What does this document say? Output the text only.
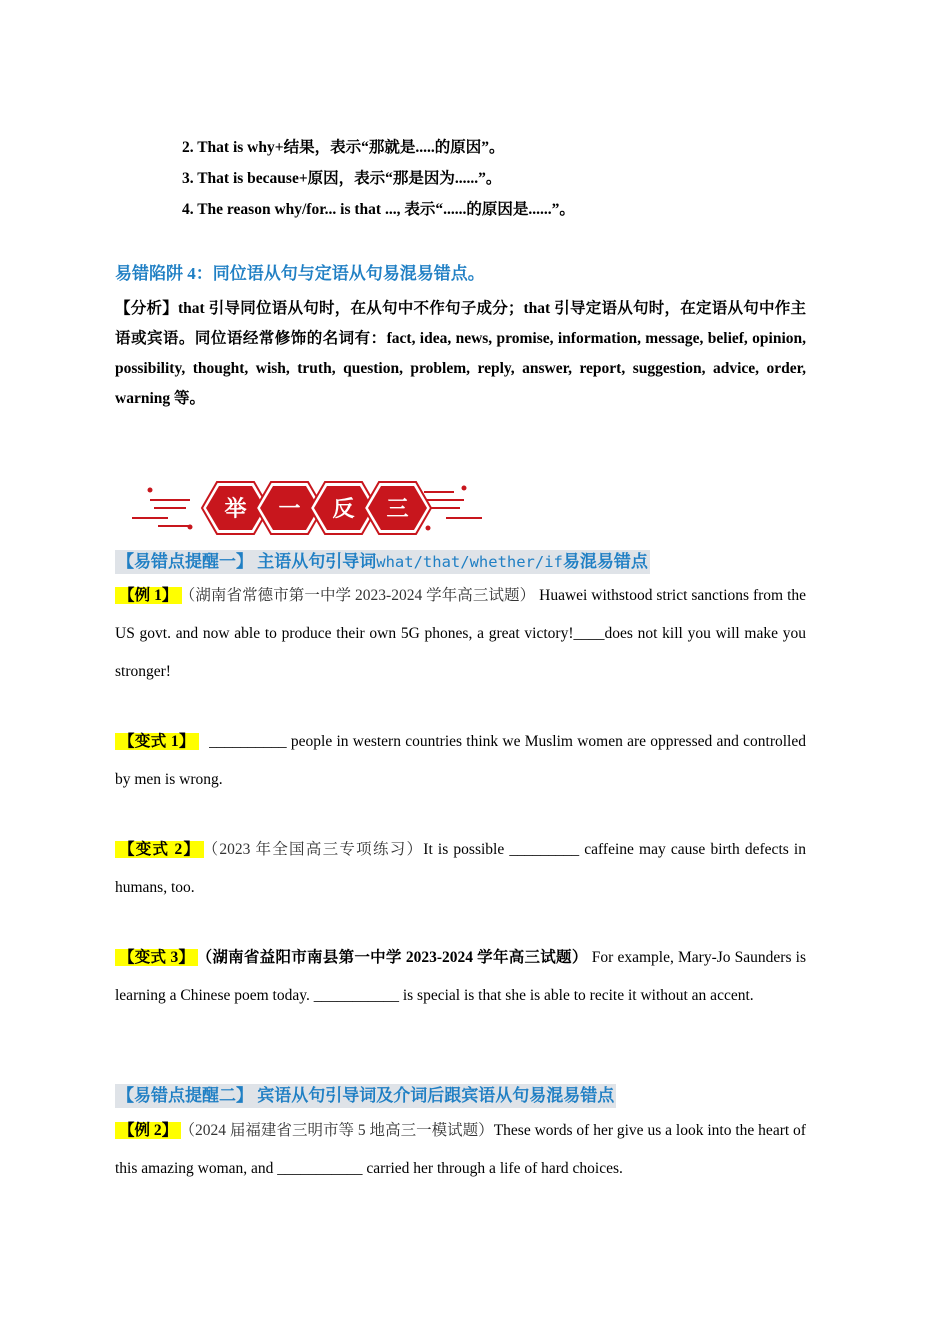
2. That is why+结果，表示“那就是.....的原因”。
3. That is because+原因，表示“那是因为......”。
4. The reason why/for... is that ..., 表示“......的原因是......”。
易错陷阱 4：同位语从句与定语从句易混易错点。
【分析】that 引导同位语从句时，在从句中不作句子成分；that 引导定语从句时，在定语从句中作主语或宾语。同位语经常修饰的名词有：fact, idea, news, promise, information, message, belief, opinion, possibility, thought, wish, truth, question, problem, reply, answer, report, suggestion, advice, order, warning 等。
举 一 反 三
【易错点提醒一】 主语从句引导词what/that/whether/if易混易错点
【例 1】 （湖南省常德市第一中学 2023-2024 学年高三试题） Huawei withstood strict sanctions from the US govt. and now able to produce their own 5G phones, a great victory!____does not kill you will make you stronger!
【变式 1】 __________ people in western countries think we Muslim women are oppressed and controlled by men is wrong.
【变式 2】 （2023 年全国高三专项练习）It is possible _________ caffeine may cause birth defects in humans, too.
【变式 3】 （湖南省益阳市南县第一中学 2023-2024 学年高三试题） For example, Mary-Jo Saunders is learning a Chinese poem today. ___________ is special is that she is able to recite it without an accent.
【易错点提醒二】 宾语从句引导词及介词后跟宾语从句易混易错点
【例 2】 （2024 届福建省三明市等 5 地高三一模试题）These words of her give us a look into the heart of this amazing woman, and ___________ carried her through a life of hard choices.
